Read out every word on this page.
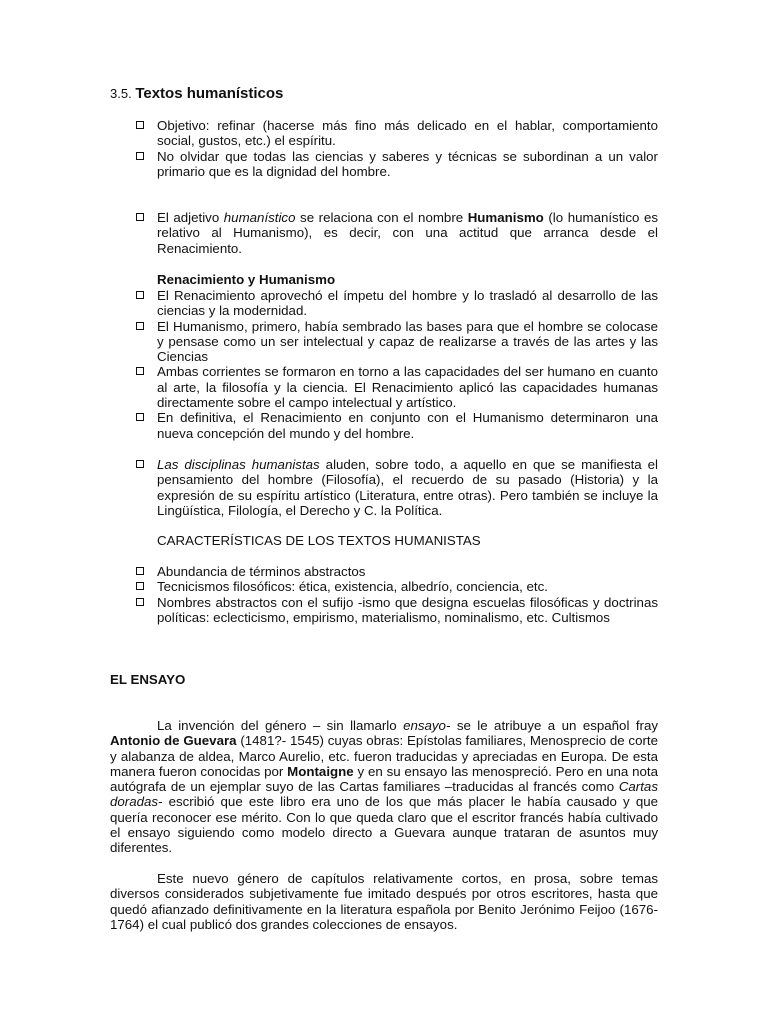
3.5. Textos humanísticos
Objetivo: refinar (hacerse más fino más delicado en el hablar, comportamiento social, gustos, etc.) el espíritu.
No olvidar que todas las ciencias y saberes y técnicas se subordinan a un valor primario que es la dignidad del hombre.
El adjetivo humanístico se relaciona con el nombre Humanismo (lo humanístico es relativo al Humanismo), es decir, con una actitud que arranca desde el Renacimiento.
Renacimiento y Humanismo
El Renacimiento aprovechó el ímpetu del hombre y lo trasladó al desarrollo de las ciencias y la modernidad.
El Humanismo, primero, había sembrado las bases para que el hombre se colocase y pensase como un ser intelectual y capaz de realizarse a través de las artes y las Ciencias
Ambas corrientes se formaron en torno a las capacidades del ser humano en cuanto al arte, la filosofía y la ciencia. El Renacimiento aplicó las capacidades humanas directamente sobre el campo intelectual y artístico.
En definitiva, el Renacimiento en conjunto con el Humanismo determinaron una nueva concepción del mundo y del hombre.
Las disciplinas humanistas aluden, sobre todo, a aquello en que se manifiesta el pensamiento del hombre (Filosofía), el recuerdo de su pasado (Historia) y la expresión de su espíritu artístico (Literatura, entre otras). Pero también se incluye la Lingüística, Filología, el Derecho y C. la Política.
CARACTERÍSTICAS DE LOS TEXTOS HUMANISTAS
Abundancia de términos abstractos
Tecnicismos filosóficos: ética, existencia, albedrío, conciencia, etc.
Nombres abstractos con el sufijo -ismo que designa escuelas filosóficas y doctrinas políticas: eclecticismo, empirismo, materialismo, nominalismo, etc. Cultismos
EL ENSAYO
La invención del género – sin llamarlo ensayo- se le atribuye a un español fray Antonio de Guevara (1481?- 1545) cuyas obras: Epístolas familiares, Menosprecio de corte y alabanza de aldea, Marco Aurelio, etc. fueron traducidas y apreciadas en Europa. De esta manera fueron conocidas por Montaigne y en su ensayo las menospreció. Pero en una nota autógrafa de un ejemplar suyo de las Cartas familiares –traducidas al francés como Cartas doradas- escribió que este libro era uno de los que más placer le había causado y que quería reconocer ese mérito. Con lo que queda claro que el escritor francés había cultivado el ensayo siguiendo como modelo directo a Guevara aunque trataran de asuntos muy diferentes.
Este nuevo género de capítulos relativamente cortos, en prosa, sobre temas diversos considerados subjetivamente fue imitado después por otros escritores, hasta que quedó afianzado definitivamente en la literatura española por Benito Jerónimo Feijoo (1676-1764) el cual publicó dos grandes colecciones de ensayos.
